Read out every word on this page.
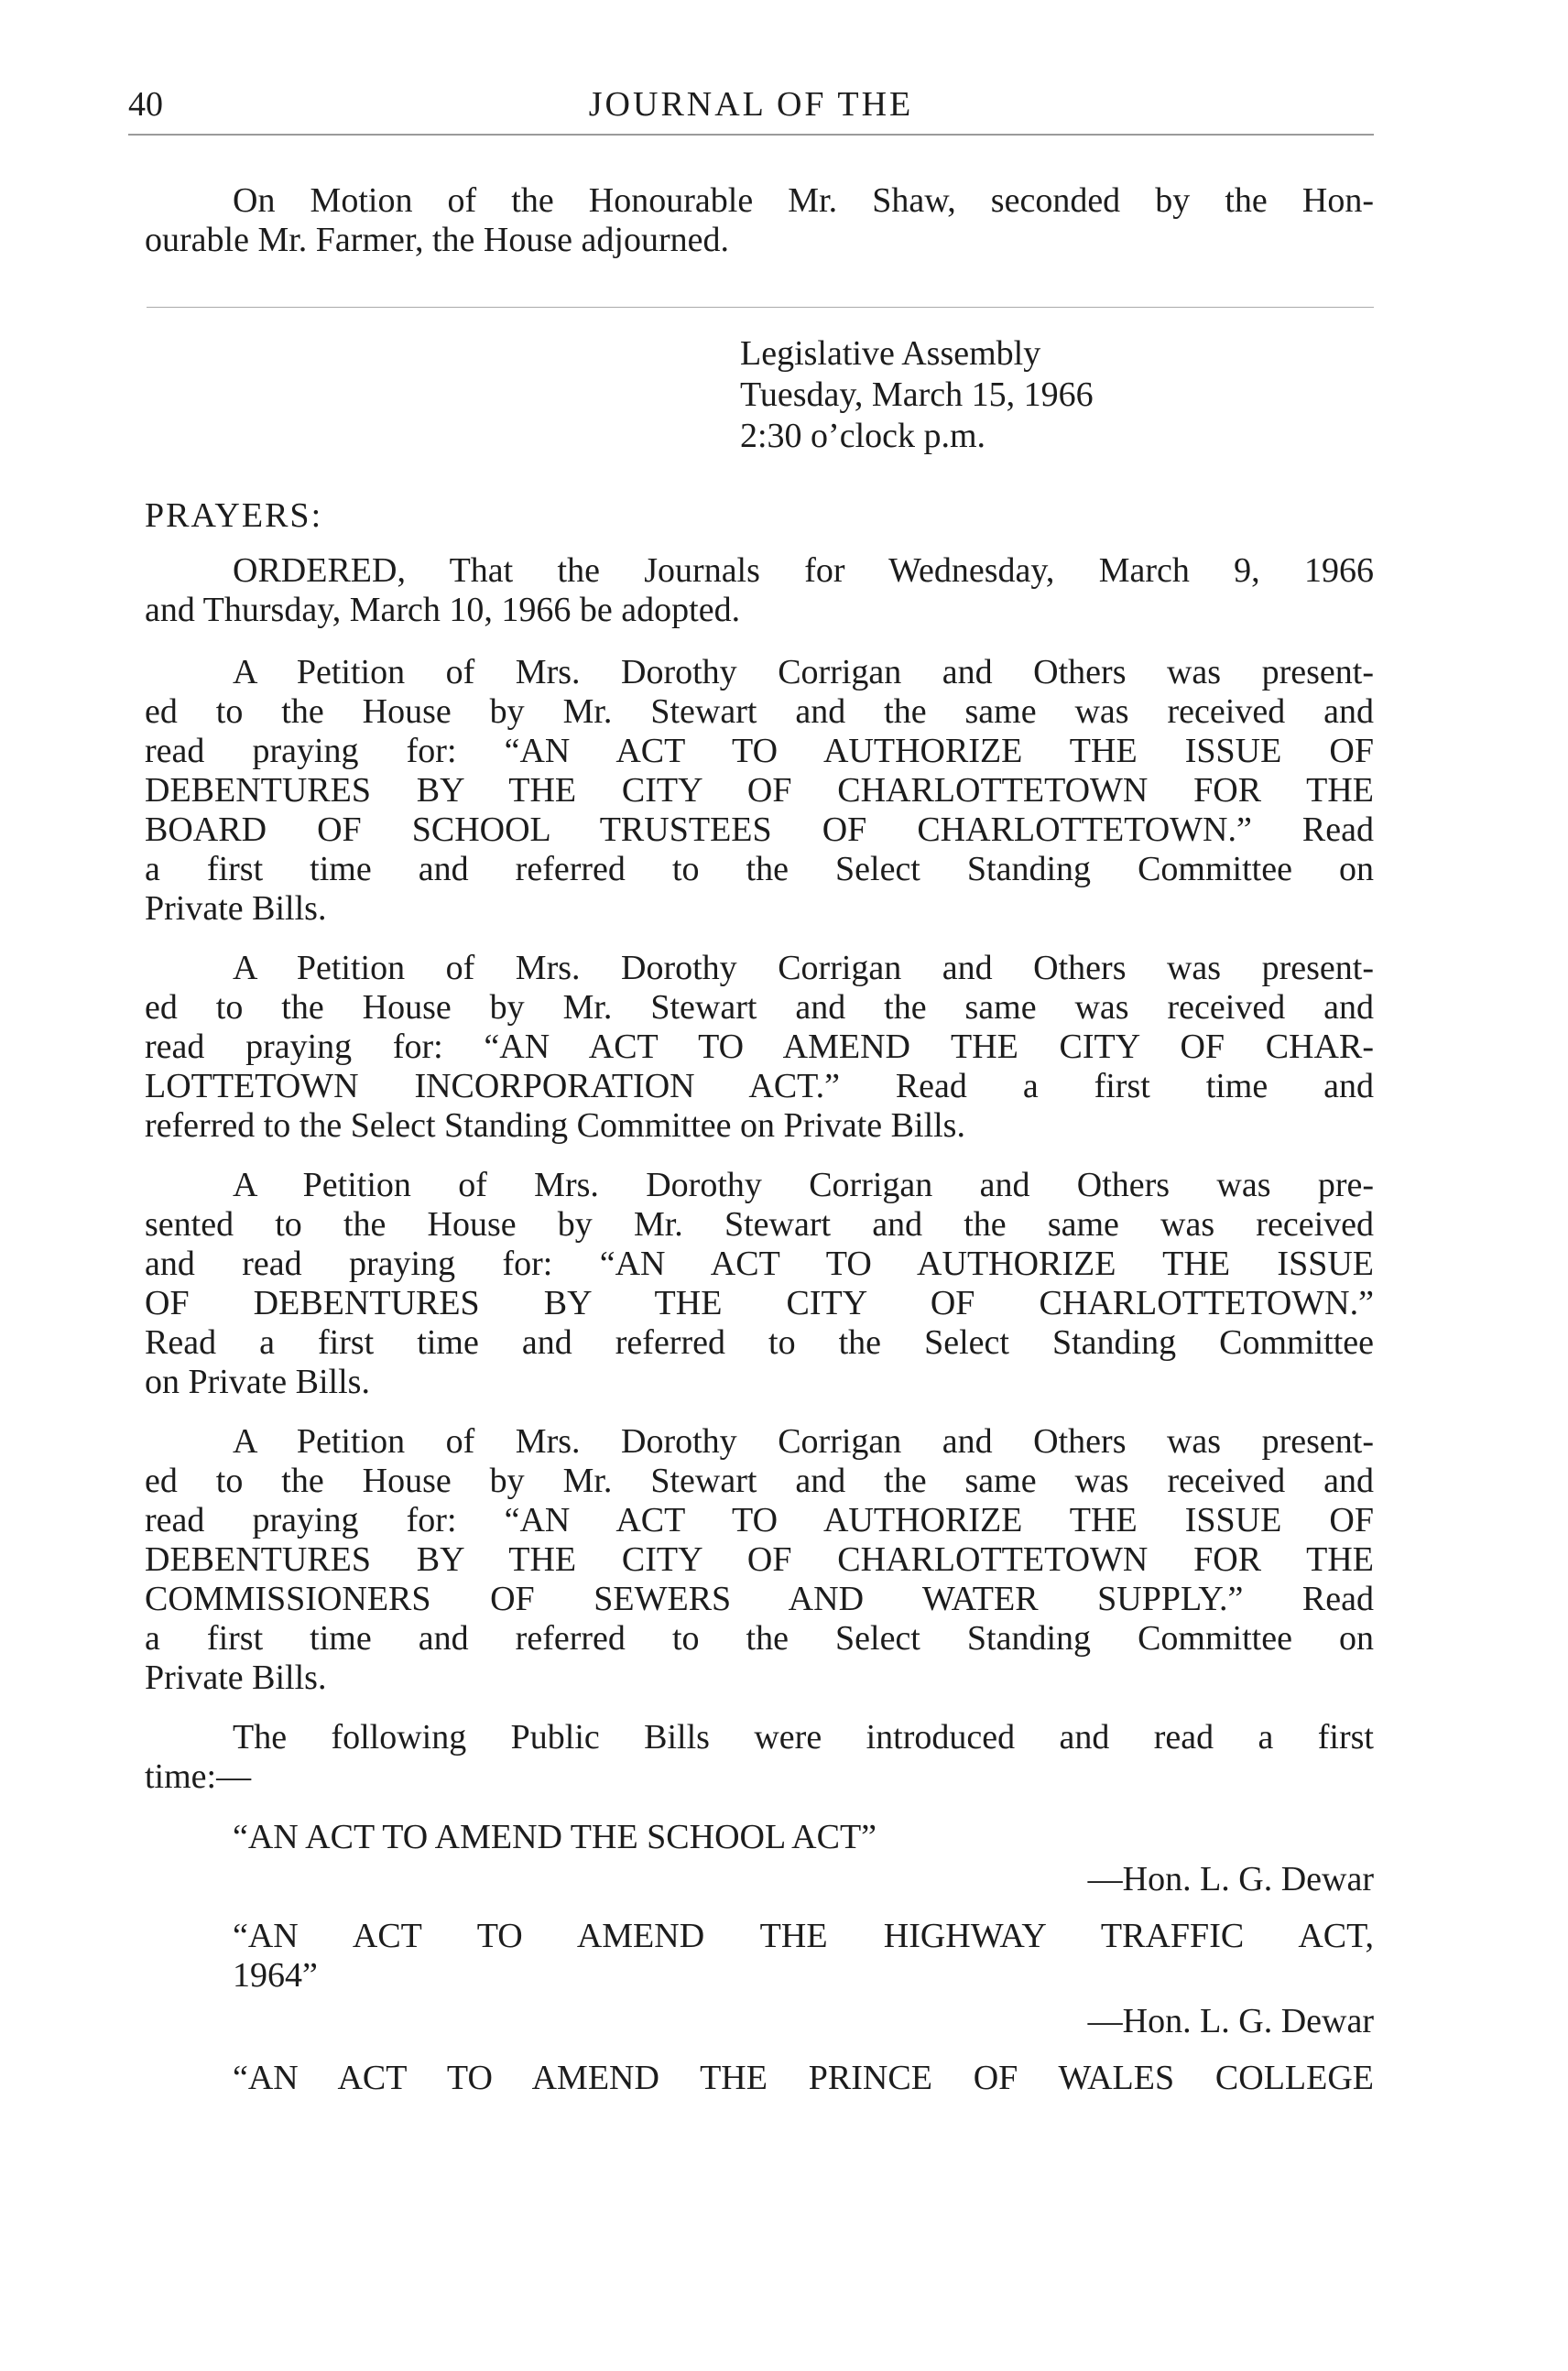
40	JOURNAL OF THE
On Motion of the Honourable Mr. Shaw, seconded by the Hon-
ourable Mr. Farmer, the House adjourned.
Legislative Assembly
Tuesday, March 15, 1966
2:30 o’clock p.m.
PRAYERS:
ORDERED, That the Journals for Wednesday, March 9, 1966
and Thursday, March 10, 1966 be adopted.
A Petition of Mrs. Dorothy Corrigan and Others was present-
ed to the House by Mr. Stewart and the same was received and
read praying for: “AN ACT TO AUTHORIZE THE ISSUE OF
DEBENTURES BY THE CITY OF CHARLOTTETOWN FOR THE
BOARD OF SCHOOL TRUSTEES OF CHARLOTTETOWN.” Read
a first time and referred to the Select Standing Committee on
Private Bills.
A Petition of Mrs. Dorothy Corrigan and Others was present-
ed to the House by Mr. Stewart and the same was received and
read praying for: “AN ACT TO AMEND THE CITY OF CHAR-
LOTTETOWN INCORPORATION ACT.” Read a first time and
referred to the Select Standing Committee on Private Bills.
A Petition of Mrs. Dorothy Corrigan and Others was pre-
sented to the House by Mr. Stewart and the same was received
and read praying for: “AN ACT TO AUTHORIZE THE ISSUE
OF DEBENTURES BY THE CITY OF CHARLOTTETOWN.”
Read a first time and referred to the Select Standing Committee
on Private Bills.
A Petition of Mrs. Dorothy Corrigan and Others was present-
ed to the House by Mr. Stewart and the same was received and
read praying for: “AN ACT TO AUTHORIZE THE ISSUE OF
DEBENTURES BY THE CITY OF CHARLOTTETOWN FOR THE
COMMISSIONERS OF SEWERS AND WATER SUPPLY.” Read
a first time and referred to the Select Standing Committee on
Private Bills.
The following Public Bills were introduced and read a first
time:—
“AN ACT TO AMEND THE SCHOOL ACT”
—Hon. L. G. Dewar
“AN ACT TO AMEND THE HIGHWAY TRAFFIC ACT,
1964”
—Hon. L. G. Dewar
“AN ACT TO AMEND THE PRINCE OF WALES COLLEGE
